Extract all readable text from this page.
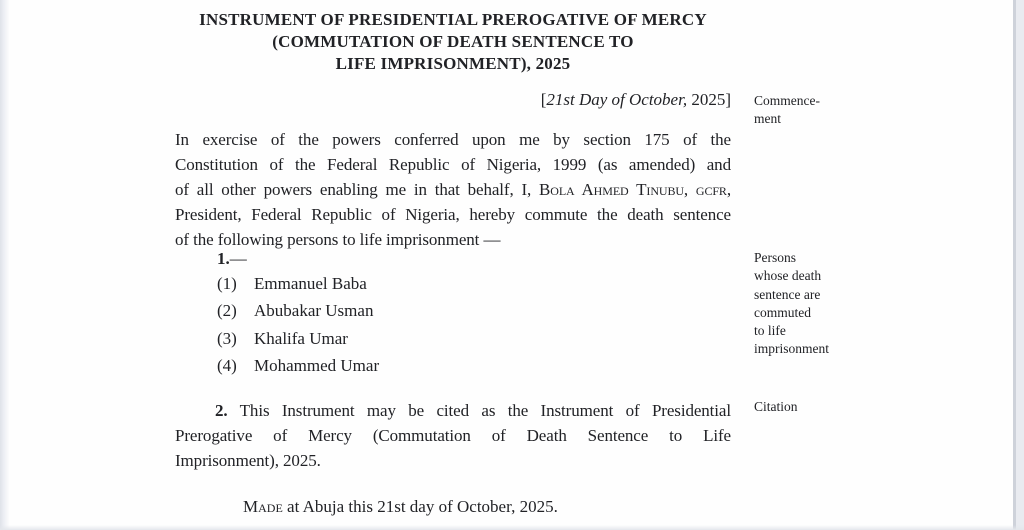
INSTRUMENT OF PRESIDENTIAL PREROGATIVE OF MERCY
(COMMUTATION OF DEATH SENTENCE TO
LIFE IMPRISONMENT), 2025
[21st Day of October, 2025] Commence-
ment
In exercise of the powers conferred upon me by section 175 of the
Constitution of the Federal Republic of Nigeria, 1999 (as amended) and
of all other powers enabling me in that behalf, I, Bola Ahmed Tinubu, gcfr,
President, Federal Republic of Nigeria, hereby commute the death sentence
of the following persons to life imprisonment —
1.—
(1)	Emmanuel Baba
(2)	Abubakar Usman
(3)	Khalifa Umar
(4)	Mohammed Umar
Persons
whose death
sentence are
commuted
to life
imprisonment
2. This Instrument may be cited as the Instrument of Presidential
Prerogative of Mercy (Commutation of Death Sentence to Life
Imprisonment), 2025.
Citation
Made at Abuja this 21st day of October, 2025.
